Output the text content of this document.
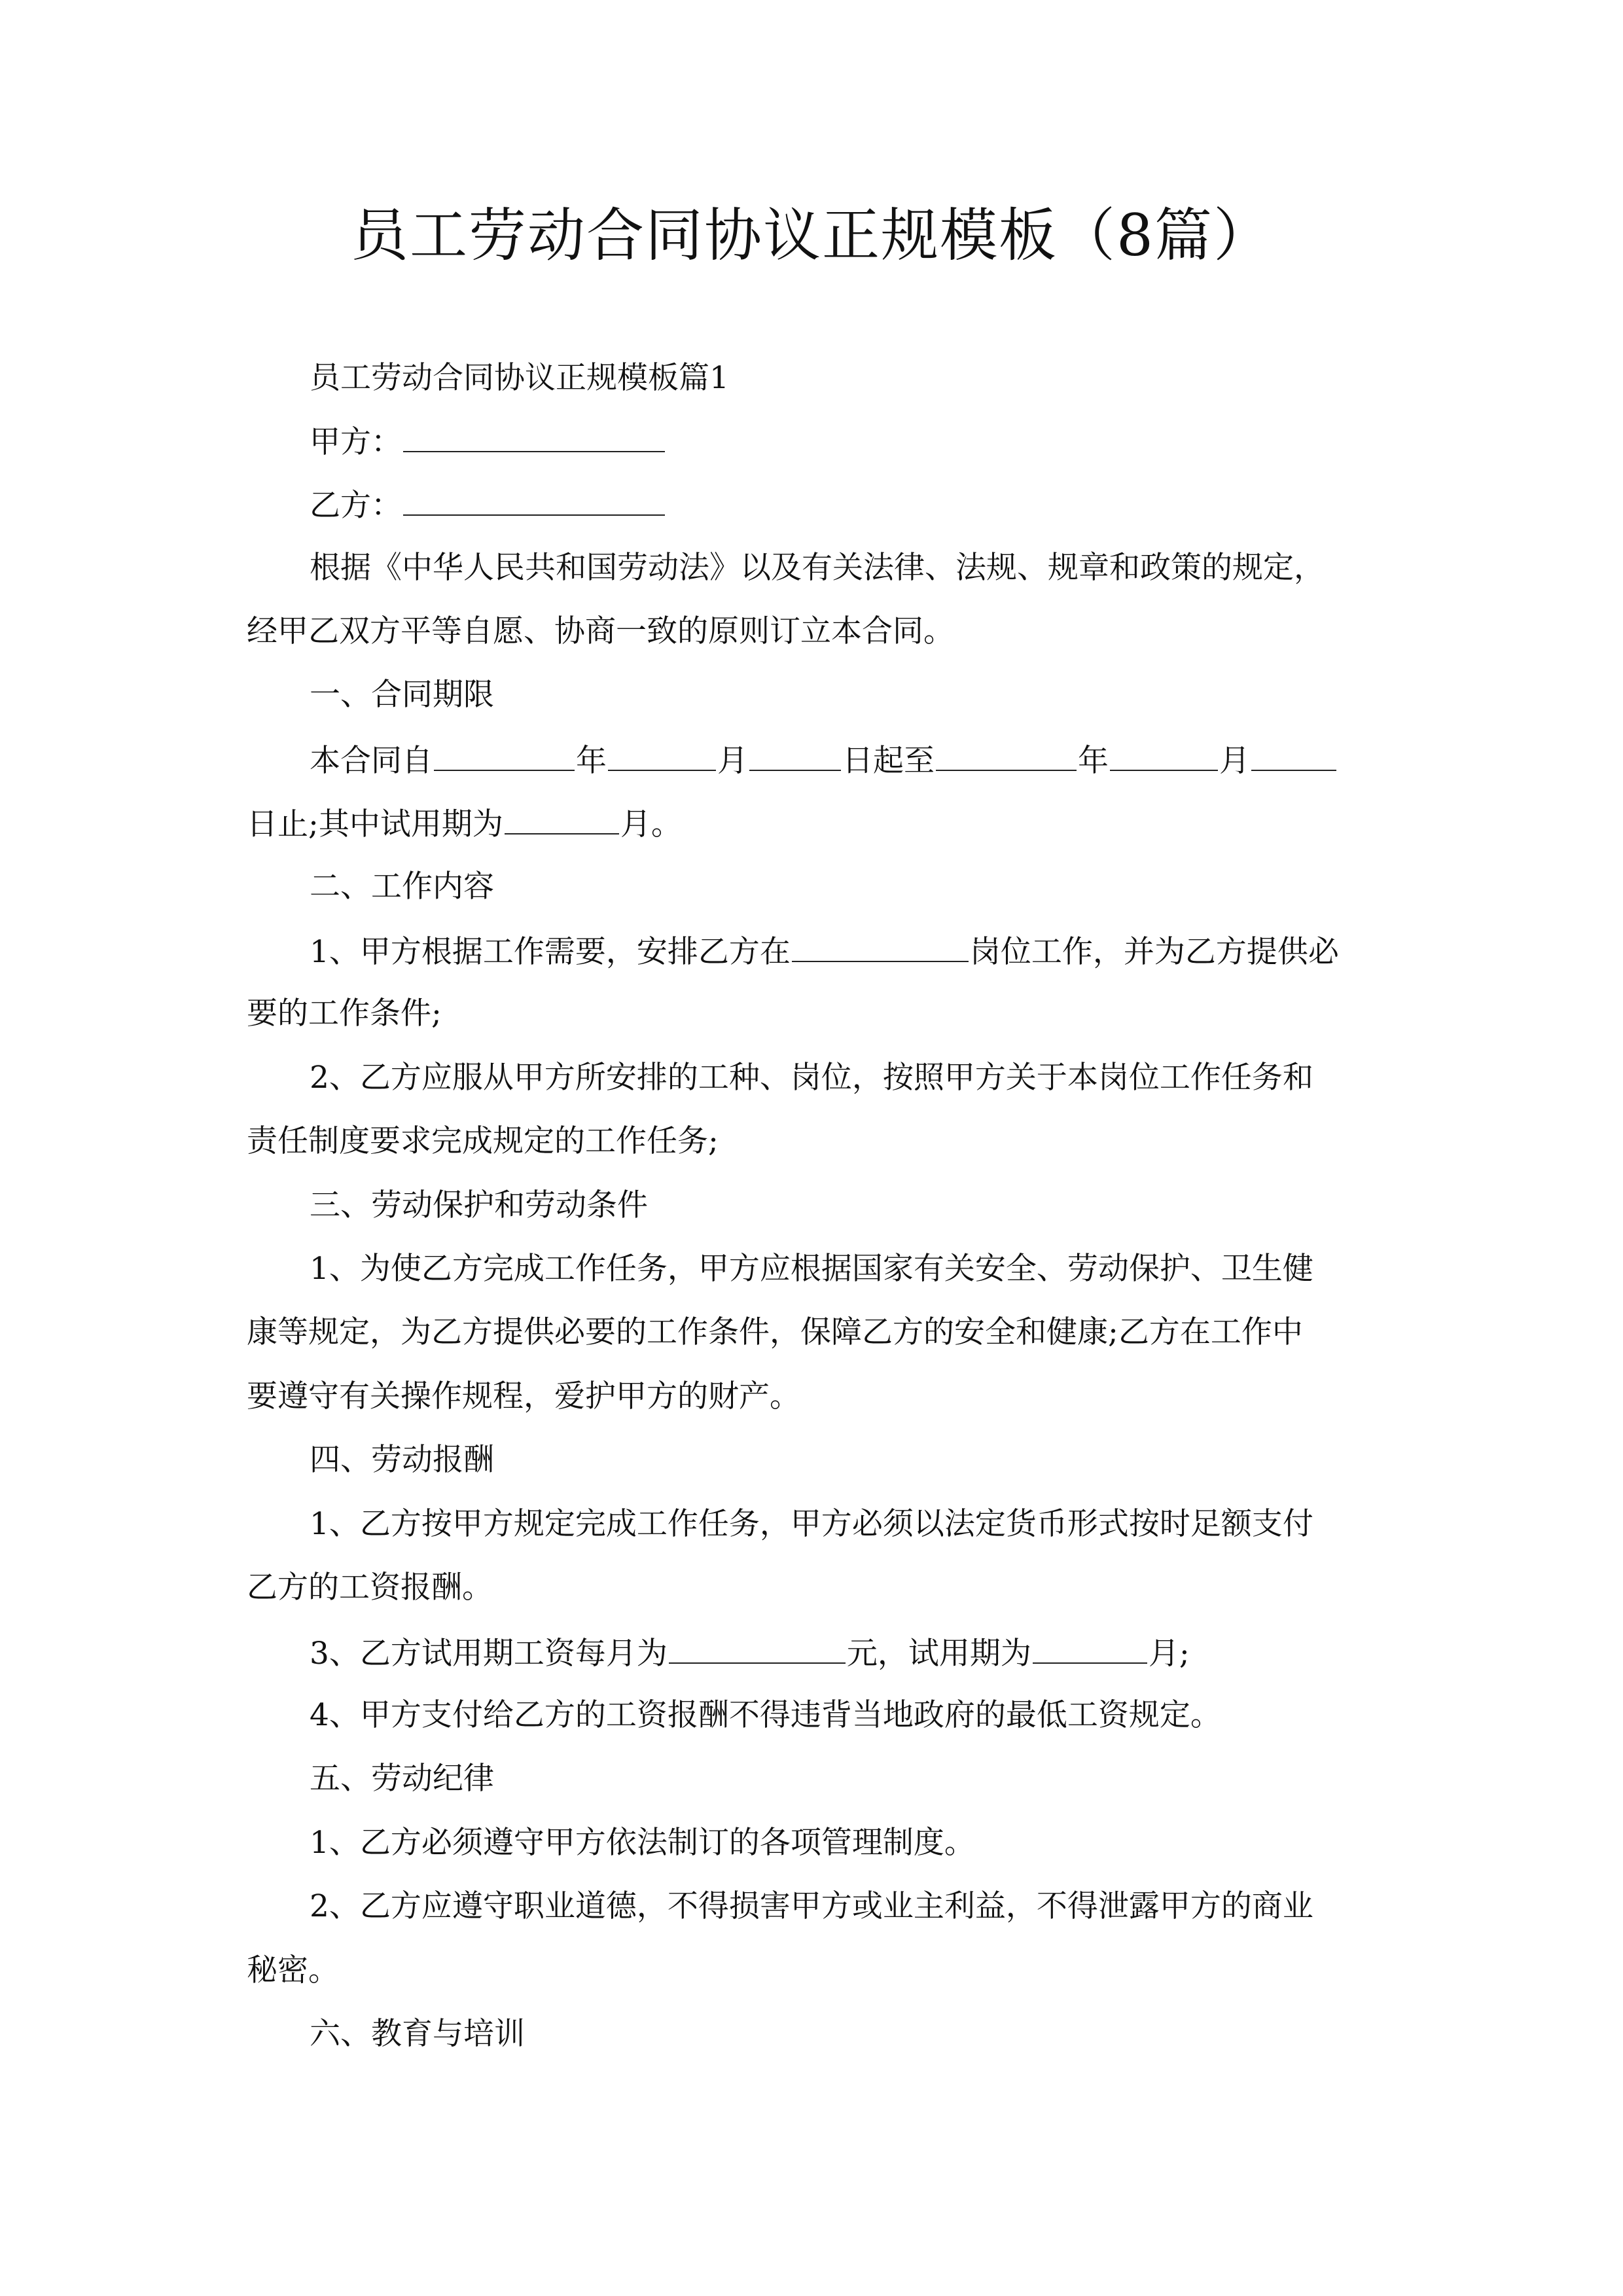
员工劳动合同协议正规模板（8篇）
员工劳动合同协议正规模板篇1
甲方：
乙方：
根据《中华人民共和国劳动法》以及有关法律、法规、规章和政策的规定，
经甲乙双方平等自愿、协商一致的原则订立本合同。
一、合同期限
本合同自	年	月	日起至	年	月
日止;其中试用期为	月。
二、工作内容
1、甲方根据工作需要，安排乙方在	岗位工作，并为乙方提供必
要的工作条件;
2、乙方应服从甲方所安排的工种、岗位，按照甲方关于本岗位工作任务和
责任制度要求完成规定的工作任务;
三、劳动保护和劳动条件
1、为使乙方完成工作任务，甲方应根据国家有关安全、劳动保护、卫生健
康等规定，为乙方提供必要的工作条件，保障乙方的安全和健康;乙方在工作中
要遵守有关操作规程，爱护甲方的财产。
四、劳动报酬
1、乙方按甲方规定完成工作任务，甲方必须以法定货币形式按时足额支付
乙方的工资报酬。
3、乙方试用期工资每月为	元，试用期为	月;
4、甲方支付给乙方的工资报酬不得违背当地政府的最低工资规定。
五、劳动纪律
1、乙方必须遵守甲方依法制订的各项管理制度。
2、乙方应遵守职业道德，不得损害甲方或业主利益，不得泄露甲方的商业
秘密。
六、教育与培训
